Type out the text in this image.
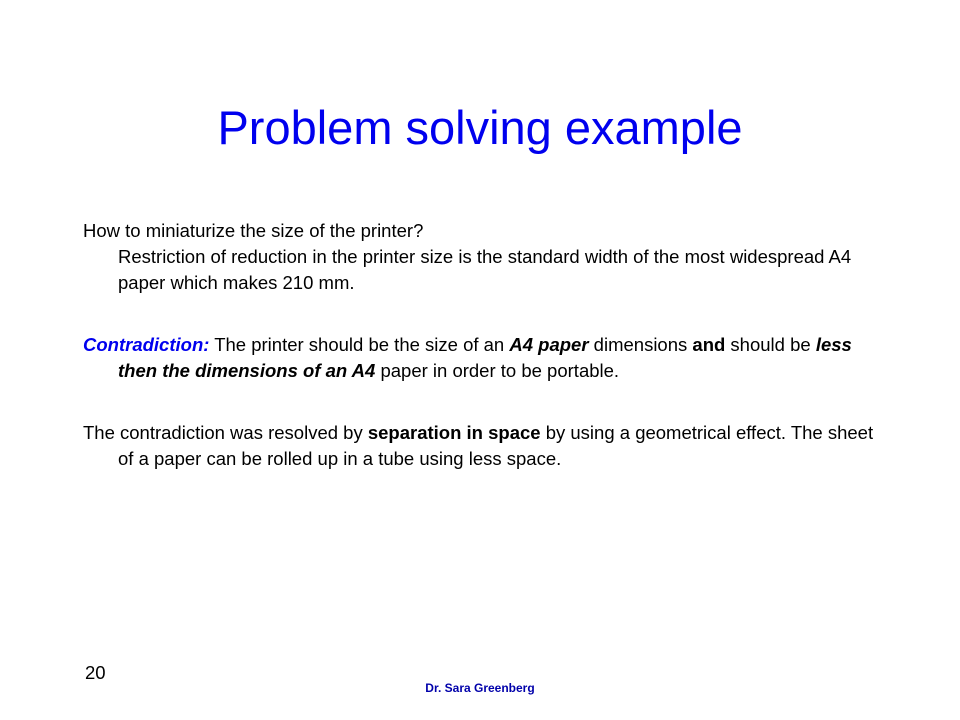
Problem solving example

How to miniaturize the size of the printer?

Restriction of reduction in the printer size is the standard width of the most widespread A4 paper which makes 210 mm.

Contradiction: The printer should be the size of an A4 paper dimensions and should be less then the dimensions of an A4 paper in order to be portable.

The contradiction was resolved by separation in space by using a geometrical effect. The sheet of a paper can be rolled up in a tube using less space.

20
Dr. Sara Greenberg
